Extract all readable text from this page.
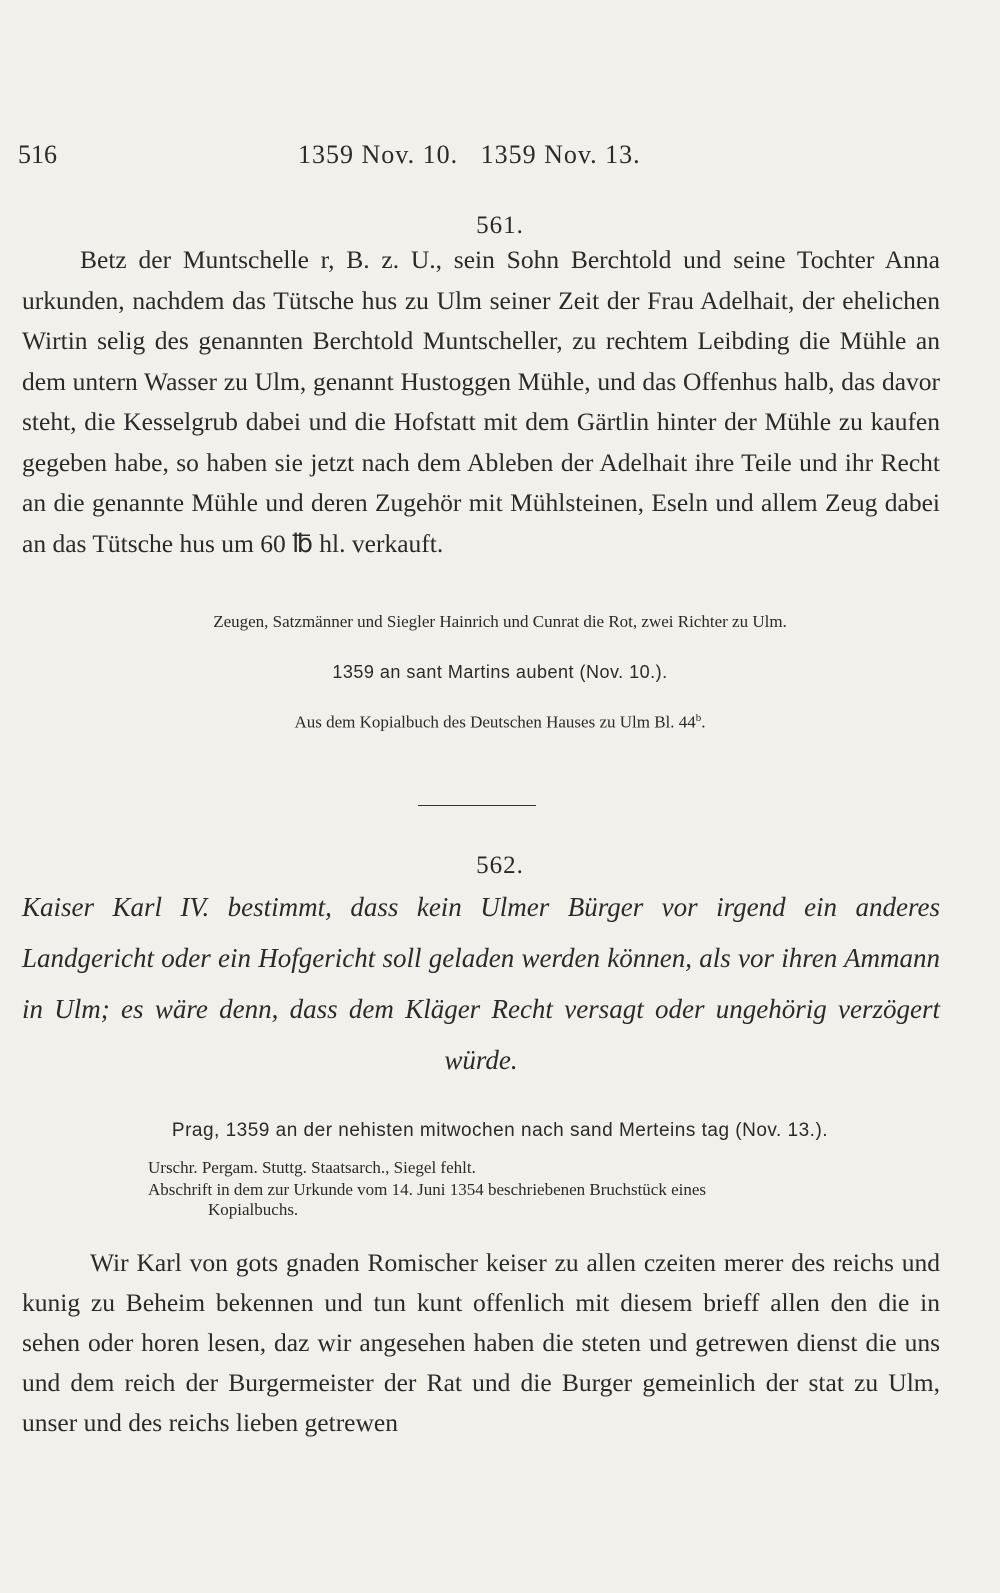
516	1359 Nov. 10.   1359 Nov. 13.
561.
Betz der Muntschelle r, B. z. U., sein Sohn Berchtold und seine Tochter Anna urkunden, nachdem das Tütsche hus zu Ulm seiner Zeit der Frau Adelhait, der ehelichen Wirtin selig des genannten Berchtold Muntscheller, zu rechtem Leibding die Mühle an dem untern Wasser zu Ulm, genannt Hustoggen Mühle, und das Offenhus halb, das davor steht, die Kesselgrub dabei und die Hofstatt mit dem Gärtlin hinter der Mühle zu kaufen gegeben habe, so haben sie jetzt nach dem Ableben der Adelhait ihre Teile und ihr Recht an die genannte Mühle und deren Zugehör mit Mühlsteinen, Eseln und allem Zeug dabei an das Tütsche hus um 60 ℔ hl. verkauft.
Zeugen, Satzmänner und Siegler Hainrich und Cunrat die Rot, zwei Richter zu Ulm.
1359 an sant Martins aubent (Nov. 10.).
Aus dem Kopialbuch des Deutschen Hauses zu Ulm Bl. 44$^b$.
562.
Kaiser Karl IV. bestimmt, dass kein Ulmer Bürger vor irgend ein anderes Landgericht oder ein Hofgericht soll geladen werden können, als vor ihren Ammann in Ulm; es wäre denn, dass dem Kläger Recht versagt oder ungehörig verzögert würde.
Prag, 1359 an der nehisten mitwochen nach sand Merteins tag (Nov. 13.).
Urschr. Pergam. Stuttg. Staatsarch., Siegel fehlt.
Abschrift in dem zur Urkunde vom 14. Juni 1354 beschriebenen Bruchstück eines
Kopialbuchs.
Wir Karl von gots gnaden Romischer keiser zu allen czeiten merer des reichs und kunig zu Beheim bekennen und tun kunt offenlich mit diesem brieff allen den die in sehen oder horen lesen, daz wir angesehen haben die steten und getrewen dienst die uns und dem reich der Burgermeister der Rat und die Burger gemeinlich der stat zu Ulm, unser und des reichs lieben getrewen
